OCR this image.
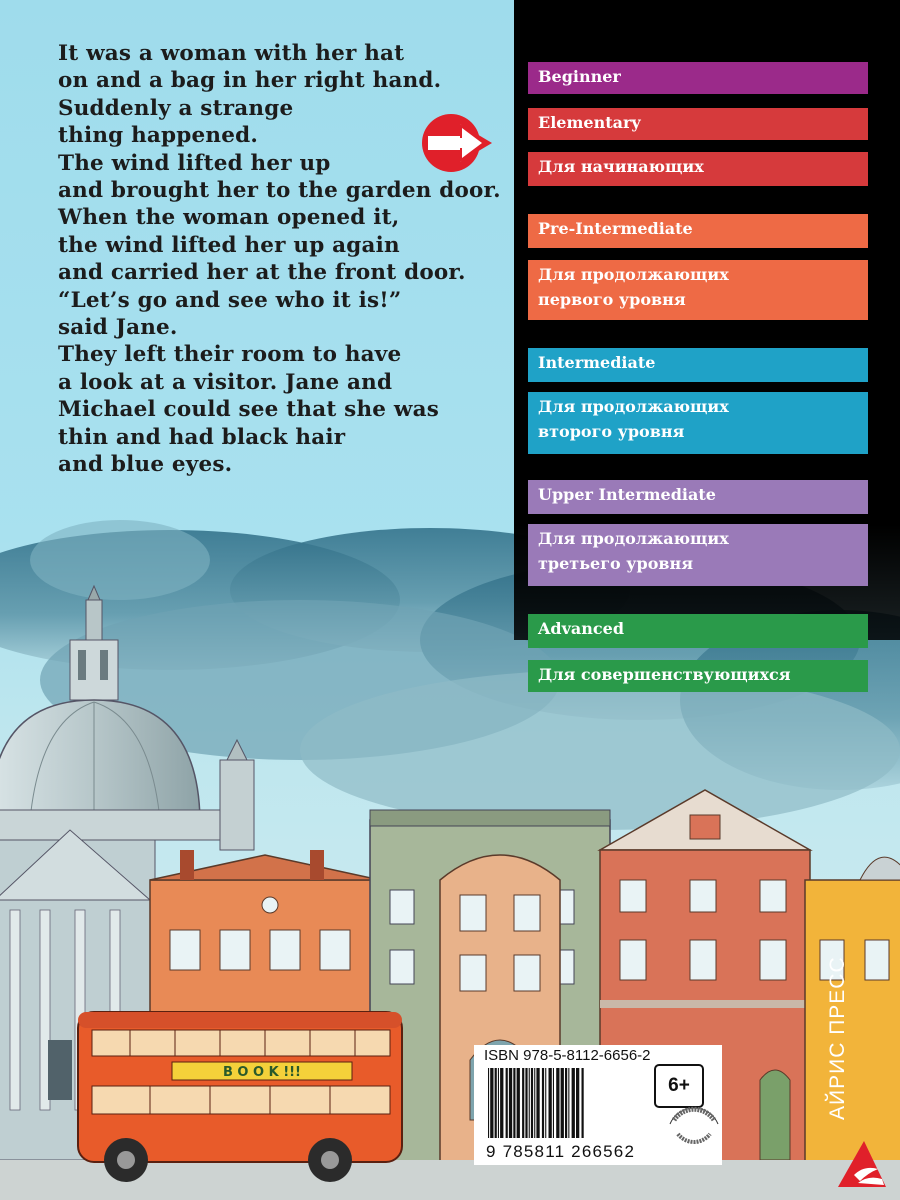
B O O K !!!
It was a woman with her hat
on and a bag in her right hand.
Suddenly a strange
thing happened.
The wind lifted her up
and brought her to the garden door.
When the woman opened it,
the wind lifted her up again
and carried her at the front door.
“Let’s go and see who it is!”
said Jane.
They left their room to have
a look at a visitor. Jane and
Michael could see that she was
thin and had black hair
and blue eyes.
Beginner
Elementary
Для начинающих
Pre-Intermediate
Для продолжающих
первого уровня
Intermediate
Для продолжающих
второго уровня
Upper Intermediate
Для продолжающих
третьего уровня
Advanced
Для совершенствующихся
ISBN 978-5-8112-6656-2
9 785811 266562
6+	АЙРИС ПРЕСС
